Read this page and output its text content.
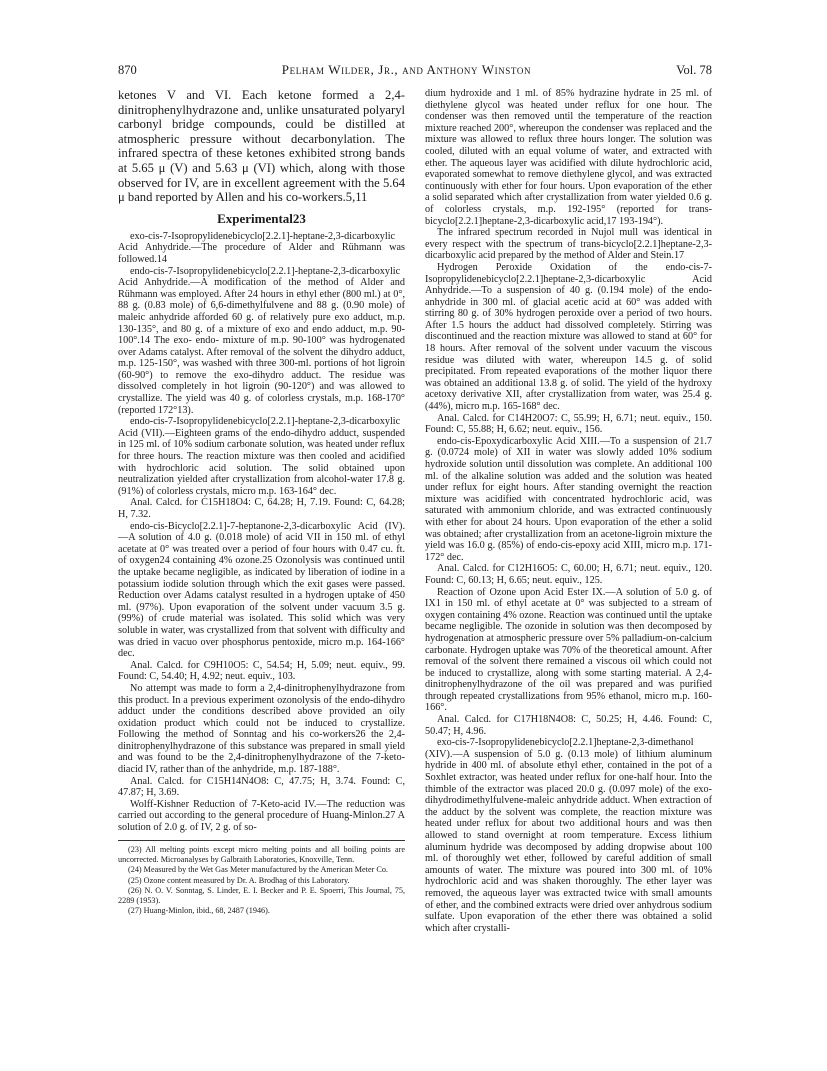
870	Pelham Wilder, Jr., and Anthony Winston	Vol. 78

ketones V and VI. Each ketone formed a 2,4-dinitrophenylhydrazone and, unlike unsaturated polyaryl carbonyl bridge compounds, could be distilled at atmospheric pressure without decarbonylation. The infrared spectra of these ketones exhibited strong bands at 5.65 μ (V) and 5.63 μ (VI) which, along with those observed for IV, are in excellent agreement with the 5.64 μ band reported by Allen and his co-workers.5,11

Experimental23

exo-cis-7-Isopropylidenebicyclo[2.2.1]-heptane-2,3-dicarboxylic Acid Anhydride.—The procedure of Alder and Rühmann was followed.14

endo-cis-7-Isopropylidenebicyclo[2.2.1]-heptane-2,3-dicarboxylic Acid Anhydride.—A modification of the method of Alder and Rühmann was employed. After 24 hours in ethyl ether (800 ml.) at 0°, 88 g. (0.83 mole) of 6,6-dimethylfulvene and 88 g. (0.90 mole) of maleic anhydride afforded 60 g. of relatively pure exo adduct, m.p. 130-135°, and 80 g. of a mixture of exo and endo adduct, m.p. 90-100°.14 The exo- endo- mixture of m.p. 90-100° was hydrogenated over Adams catalyst. After removal of the solvent the dihydro adduct, m.p. 125-150°, was washed with three 300-ml. portions of hot ligroin (60-90°) to remove the exo-dihydro adduct. The residue was dissolved completely in hot ligroin (90-120°) and was allowed to crystallize. The yield was 40 g. of colorless crystals, m.p. 168-170° (reported 172°13).

endo-cis-7-Isopropylidenebicyclo[2.2.1]-heptane-2,3-dicarboxylic Acid (VII).—Eighteen grams of the endo-dihydro adduct, suspended in 125 ml. of 10% sodium carbonate solution, was heated under reflux for three hours. The reaction mixture was then cooled and acidified with hydrochloric acid solution. The solid obtained upon neutralization yielded after crystallization from alcohol-water 17.8 g. (91%) of colorless crystals, micro m.p. 163-164° dec.

Anal. Calcd. for C15H18O4: C, 64.28; H, 7.19. Found: C, 64.28; H, 7.32.

endo-cis-Bicyclo[2.2.1]-7-heptanone-2,3-dicarboxylic Acid (IV).—A solution of 4.0 g. (0.018 mole) of acid VII in 150 ml. of ethyl acetate at 0° was treated over a period of four hours with 0.47 cu. ft. of oxygen24 containing 4% ozone.25 Ozonolysis was continued until the uptake became negligible, as indicated by liberation of iodine in a potassium iodide solution through which the exit gases were passed. Reduction over Adams catalyst resulted in a hydrogen uptake of 450 ml. (97%). Upon evaporation of the solvent under vacuum 3.5 g. (99%) of crude material was isolated. This solid which was very soluble in water, was crystallized from that solvent with difficulty and was dried in vacuo over phosphorus pentoxide, micro m.p. 164-166° dec.

Anal. Calcd. for C9H10O5: C, 54.54; H, 5.09; neut. equiv., 99. Found: C, 54.40; H, 4.92; neut. equiv., 103.

No attempt was made to form a 2,4-dinitrophenylhydrazone from this product. In a previous experiment ozonolysis of the endo-dihydro adduct under the conditions described above provided an oily oxidation product which could not be induced to crystallize. Following the method of Sonntag and his co-workers26 the 2,4-dinitrophenylhydrazone of this substance was prepared in small yield and was found to be the 2,4-dinitrophenylhydrazone of the 7-keto-diacid IV, rather than of the anhydride, m.p. 187-188°.

Anal. Calcd. for C15H14N4O8: C, 47.75; H, 3.74. Found: C, 47.87; H, 3.69.

Wolff-Kishner Reduction of 7-Keto-acid IV.—The reduction was carried out according to the general procedure of Huang-Minlon.27 A solution of 2.0 g. of IV, 2 g. of so-

(23) All melting points except micro melting points and all boiling points are uncorrected. Microanalyses by Galbraith Laboratories, Knoxville, Tenn.

(24) Measured by the Wet Gas Meter manufactured by the American Meter Co.

(25) Ozone content measured by Dr. A. Brodhag of this Laboratory.

(26) N. O. V. Sonntag, S. Linder, E. I. Becker and P. E. Spoerri, This Journal, 75, 2289 (1953).

(27) Huang-Minlon, ibid., 68, 2487 (1946).

dium hydroxide and 1 ml. of 85% hydrazine hydrate in 25 ml. of diethylene glycol was heated under reflux for one hour. The condenser was then removed until the temperature of the reaction mixture reached 200°, whereupon the condenser was replaced and the mixture was allowed to reflux three hours longer. The solution was cooled, diluted with an equal volume of water, and extracted with ether. The aqueous layer was acidified with dilute hydrochloric acid, evaporated somewhat to remove diethylene glycol, and was extracted continuously with ether for four hours. Upon evaporation of the ether a solid separated which after crystallization from water yielded 0.6 g. of colorless crystals, m.p. 192-195° (reported for trans-bicyclo[2.2.1]heptane-2,3-dicarboxylic acid,17 193-194°).

The infrared spectrum recorded in Nujol mull was identical in every respect with the spectrum of trans-bicyclo[2.2.1]heptane-2,3-dicarboxylic acid prepared by the method of Alder and Stein.17

Hydrogen Peroxide Oxidation of the endo-cis-7-Isopropylidenebicyclo[2.2.1]heptane-2,3-dicarboxylic Acid Anhydride.—To a suspension of 40 g. (0.194 mole) of the endo-anhydride in 300 ml. of glacial acetic acid at 60° was added with stirring 80 g. of 30% hydrogen peroxide over a period of two hours. After 1.5 hours the adduct had dissolved completely. Stirring was discontinued and the reaction mixture was allowed to stand at 60° for 18 hours. After removal of the solvent under vacuum the viscous residue was diluted with water, whereupon 14.5 g. of solid precipitated. From repeated evaporations of the mother liquor there was obtained an additional 13.8 g. of solid. The yield of the hydroxy acetoxy derivative XII, after crystallization from water, was 25.4 g. (44%), micro m.p. 165-168° dec.

Anal. Calcd. for C14H20O7: C, 55.99; H, 6.71; neut. equiv., 150. Found: C, 55.88; H, 6.62; neut. equiv., 156.

endo-cis-Epoxydicarboxylic Acid XIII.—To a suspension of 21.7 g. (0.0724 mole) of XII in water was slowly added 10% sodium hydroxide solution until dissolution was complete. An additional 100 ml. of the alkaline solution was added and the solution was heated under reflux for eight hours. After standing overnight the reaction mixture was acidified with concentrated hydrochloric acid, was saturated with ammonium chloride, and was extracted continuously with ether for about 24 hours. Upon evaporation of the ether a solid was obtained; after crystallization from an acetone-ligroin mixture the yield was 16.0 g. (85%) of endo-cis-epoxy acid XIII, micro m.p. 171-172° dec.

Anal. Calcd. for C12H16O5: C, 60.00; H, 6.71; neut. equiv., 120. Found: C, 60.13; H, 6.65; neut. equiv., 125.

Reaction of Ozone upon Acid Ester IX.—A solution of 5.0 g. of IX1 in 150 ml. of ethyl acetate at 0° was subjected to a stream of oxygen containing 4% ozone. Reaction was continued until the uptake became negligible. The ozonide in solution was then decomposed by hydrogenation at atmospheric pressure over 5% palladium-on-calcium carbonate. Hydrogen uptake was 70% of the theoretical amount. After removal of the solvent there remained a viscous oil which could not be induced to crystallize, along with some starting material. A 2,4-dinitrophenylhydrazone of the oil was prepared and was purified through repeated crystallizations from 95% ethanol, micro m.p. 160-166°.

Anal. Calcd. for C17H18N4O8: C, 50.25; H, 4.46. Found: C, 50.47; H, 4.96.

exo-cis-7-Isopropylidenebicyclo[2.2.1]heptane-2,3-dimethanol (XIV).—A suspension of 5.0 g. (0.13 mole) of lithium aluminum hydride in 400 ml. of absolute ethyl ether, contained in the pot of a Soxhlet extractor, was heated under reflux for one-half hour. Into the thimble of the extractor was placed 20.0 g. (0.097 mole) of the exo-dihydrodimethylfulvene-maleic anhydride adduct. When extraction of the adduct by the solvent was complete, the reaction mixture was heated under reflux for about two additional hours and was then allowed to stand overnight at room temperature. Excess lithium aluminum hydride was decomposed by adding dropwise about 100 ml. of thoroughly wet ether, followed by careful addition of small amounts of water. The mixture was poured into 300 ml. of 10% hydrochloric acid and was shaken thoroughly. The ether layer was removed, the aqueous layer was extracted twice with small amounts of ether, and the combined extracts were dried over anhydrous sodium sulfate. Upon evaporation of the ether there was obtained a solid which after crystalli-
